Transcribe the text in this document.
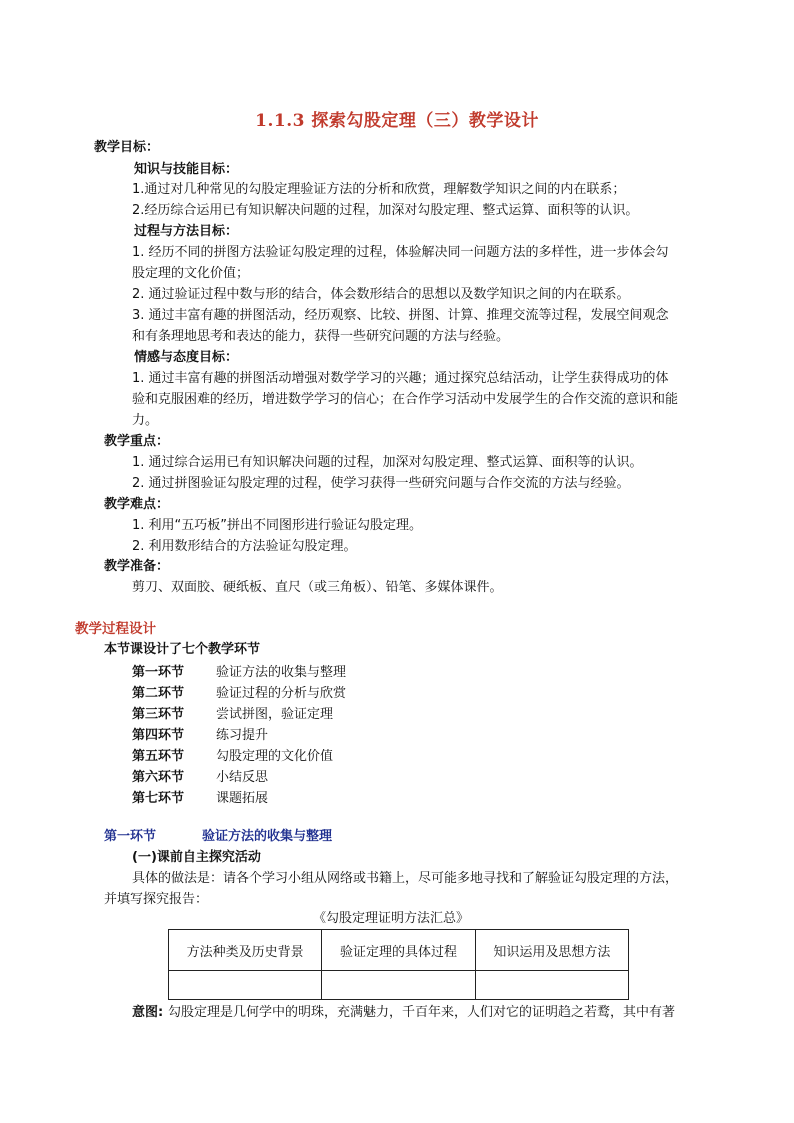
1.1.3 探索勾股定理（三）教学设计
教学目标：
知识与技能目标：
1.通过对几种常见的勾股定理验证方法的分析和欣赏，理解数学知识之间的内在联系；
2.经历综合运用已有知识解决问题的过程，加深对勾股定理、整式运算、面积等的认识。
过程与方法目标：
1. 经历不同的拼图方法验证勾股定理的过程，体验解决同一问题方法的多样性，进一步体会勾
股定理的文化价值；
2. 通过验证过程中数与形的结合，体会数形结合的思想以及数学知识之间的内在联系。
3. 通过丰富有趣的拼图活动，经历观察、比较、拼图、计算、推理交流等过程，发展空间观念
和有条理地思考和表达的能力，获得一些研究问题的方法与经验。
情感与态度目标：
1. 通过丰富有趣的拼图活动增强对数学学习的兴趣；通过探究总结活动，让学生获得成功的体
验和克服困难的经历，增进数学学习的信心；在合作学习活动中发展学生的合作交流的意识和能
力。
教学重点：
1. 通过综合运用已有知识解决问题的过程，加深对勾股定理、整式运算、面积等的认识。
2. 通过拼图验证勾股定理的过程，使学习获得一些研究问题与合作交流的方法与经验。
教学难点：
1. 利用“五巧板”拼出不同图形进行验证勾股定理。
2. 利用数形结合的方法验证勾股定理。
教学准备：
剪刀、双面胶、硬纸板、直尺（或三角板）、铅笔、多媒体课件。
教学过程设计
本节课设计了七个教学环节
第一环节 验证方法的收集与整理
第二环节 验证过程的分析与欣赏
第三环节 尝试拼图，验证定理
第四环节 练习提升
第五环节 勾股定理的文化价值
第六环节 小结反思
第七环节 课题拓展
第一环节	验证方法的收集与整理
(一)课前自主探究活动
具体的做法是：请各个学习小组从网络或书籍上，尽可能多地寻找和了解验证勾股定理的方法，
并填写探究报告：
《勾股定理证明方法汇总》
方法种类及历史背景	验证定理的具体过程	知识运用及思想方法

意图: 勾股定理是几何学中的明珠，充满魅力，千百年来，人们对它的证明趋之若鹜，其中有著
